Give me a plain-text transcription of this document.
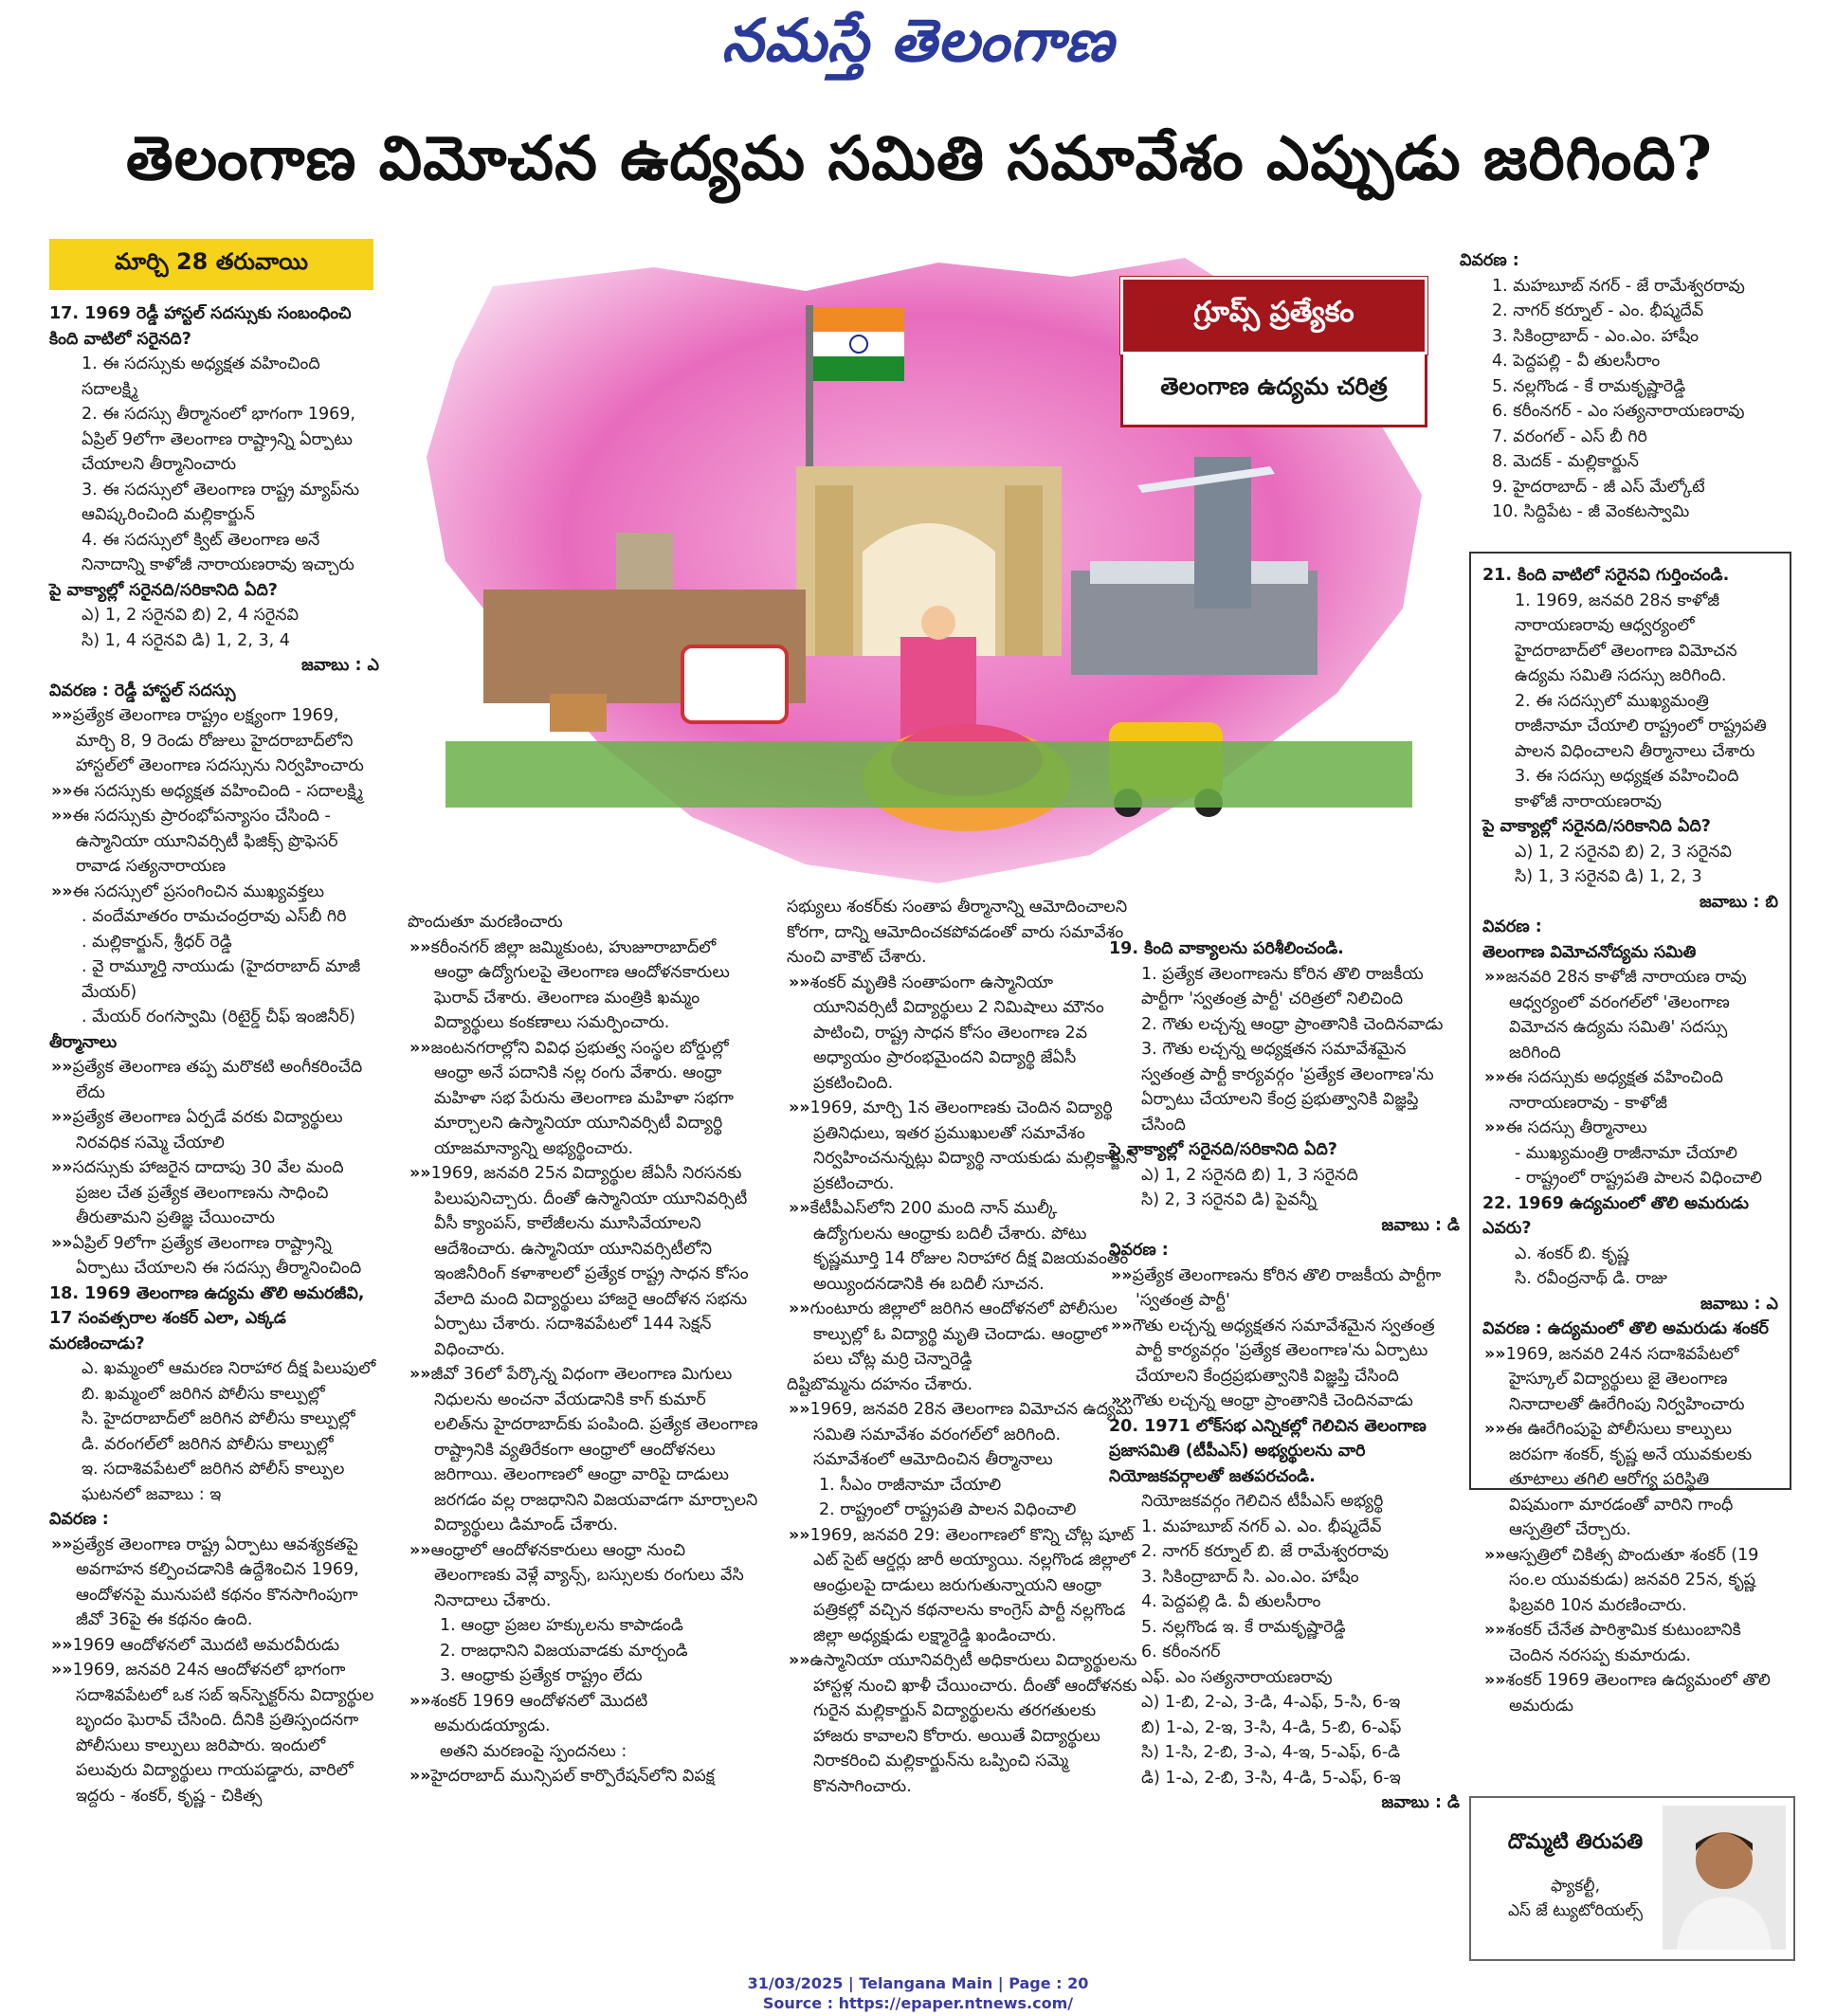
నమస్తే తెలంగాణ
తెలంగాణ విమోచన ఉద్యమ సమితి సమావేశం ఎప్పుడు జరిగింది?
మార్చి 28 తరువాయి
గ్రూప్స్ ప్రత్యేకం
తెలంగాణ ఉద్యమ చరిత్ర

17. 1969 రెడ్డీ హాస్టల్ సదస్సుకు సంబంధించి కింది వాటిలో సరైనది?

1. ఈ సదస్సుకు అధ్యక్షత వహించింది సదాలక్ష్మి

2. ఈ సదస్సు తీర్మానంలో భాగంగా 1969, ఏప్రిల్ 9లోగా తెలంగాణ రాష్ట్రాన్ని ఏర్పాటు చేయాలని తీర్మానించారు

3. ఈ సదస్సులో తెలంగాణ రాష్ట్ర మ్యాప్‌ను ఆవిష్కరించింది మల్లికార్జున్

4. ఈ సదస్సులో క్విట్ తెలంగాణ అనే నినాదాన్ని కాళోజీ నారాయణరావు ఇచ్చారు

పై వాక్యాల్లో సరైనది/సరికానిది ఏది?

ఎ) 1, 2 సరైనవి బి) 2, 4 సరైనవి

సి) 1, 4 సరైనవి డి) 1, 2, 3, 4

జవాబు : ఎ

వివరణ : రెడ్డీ హాస్టల్ సదస్సు

»» ప్రత్యేక తెలంగాణ రాష్ట్రం లక్ష్యంగా 1969, మార్చి 8, 9 రెండు రోజులు హైదరాబాద్‌లోని హాస్టల్‌లో తెలంగాణ సదస్సును నిర్వహించారు

»» ఈ సదస్సుకు అధ్యక్షత వహించింది - సదాలక్ష్మి

»» ఈ సదస్సుకు ప్రారంభోపన్యాసం చేసింది - ఉస్మానియా యూనివర్సిటీ ఫిజిక్స్ ప్రొఫెసర్ రావాడ సత్యనారాయణ

»» ఈ సదస్సులో ప్రసంగించిన ముఖ్యవక్తలు

. వందేమాతరం రామచంద్రరావు ఎస్‌బీ గిరి

. మల్లికార్జున్, శ్రీధర్ రెడ్డి

. వై రామ్మూర్తి నాయుడు (హైదరాబాద్ మాజీ మేయర్)

. మేయర్ రంగస్వామి (రిటైర్డ్ చీఫ్ ఇంజినీర్)

తీర్మానాలు

»» ప్రత్యేక తెలంగాణ తప్ప మరొకటి అంగీకరించేది లేదు

»» ప్రత్యేక తెలంగాణ ఏర్పడే వరకు విద్యార్థులు నిరవధిక సమ్మె చేయాలి

»» సదస్సుకు హాజరైన దాదాపు 30 వేల మంది ప్రజల చేత ప్రత్యేక తెలంగాణను సాధించి తీరుతామని ప్రతిజ్ఞ చేయించారు

»» ఏప్రిల్ 9లోగా ప్రత్యేక తెలంగాణ రాష్ట్రాన్ని ఏర్పాటు చేయాలని ఈ సదస్సు తీర్మానించింది

18. 1969 తెలంగాణ ఉద్యమ తొలి అమరజీవి, 17 సంవత్సరాల శంకర్ ఎలా, ఎక్కడ మరణించాడు?

ఎ. ఖమ్మంలో ఆమరణ నిరాహార దీక్ష పిలుపులో

బి. ఖమ్మంలో జరిగిన పోలీసు కాల్పుల్లో

సి. హైదరాబాద్‌లో జరిగిన పోలీసు కాల్పుల్లో

డి. వరంగల్‌లో జరిగిన పోలీసు కాల్పుల్లో

ఇ. సదాశివపేటలో జరిగిన పోలీస్ కాల్పుల ఘటనలో జవాబు : ఇ

వివరణ :

»» ప్రత్యేక తెలంగాణ రాష్ట్ర ఏర్పాటు ఆవశ్యకతపై అవగాహన కల్పించడానికి ఉద్దేశించిన 1969, ఆందోళనపై మునుపటి కథనం కొనసాగింపుగా జీవో 36పై ఈ కథనం ఉంది.

»» 1969 ఆందోళనలో మొదటి అమరవీరుడు

»» 1969, జనవరి 24న ఆందోళనలో భాగంగా సదాశివపేటలో ఒక సబ్ ఇన్‌స్పెక్టర్‌ను విద్యార్థుల బృందం ఘెరావ్ చేసింది. దీనికి ప్రతిస్పందనగా పోలీసులు కాల్పులు జరిపారు. ఇందులో పలువురు విద్యార్థులు గాయపడ్డారు, వారిలో ఇద్దరు - శంకర్, కృష్ణ - చికిత్స

పొందుతూ మరణించారు

»» కరీంనగర్ జిల్లా జమ్మికుంట, హుజూరాబాద్‌లో ఆంధ్రా ఉద్యోగులపై తెలంగాణ ఆందోళనకారులు ఘెరావ్ చేశారు. తెలంగాణ మంత్రికి ఖమ్మం విద్యార్థులు కంకణాలు సమర్పించారు.

»» జంటనగరాల్లోని వివిధ ప్రభుత్వ సంస్థల బోర్డుల్లో ఆంధ్రా అనే పదానికి నల్ల రంగు వేశారు. ఆంధ్రా మహిళా సభ పేరును తెలంగాణ మహిళా సభగా మార్చాలని ఉస్మానియా యూనివర్సిటీ విద్యార్థి యాజమాన్యాన్ని అభ్యర్థించారు.

»» 1969, జనవరి 25న విద్యార్థుల జేఏసీ నిరసనకు పిలుపునిచ్చారు. దీంతో ఉస్మానియా యూనివర్సిటీ వీసీ క్యాంపస్, కాలేజీలను మూసివేయాలని ఆదేశించారు. ఉస్మానియా యూనివర్సిటీలోని ఇంజినీరింగ్ కళాశాలలో ప్రత్యేక రాష్ట్ర సాధన కోసం వేలాది మంది విద్యార్థులు హాజరై ఆందోళన సభను ఏర్పాటు చేశారు. సదాశివపేటలో 144 సెక్షన్ విధించారు.

»» జీవో 36లో పేర్కొన్న విధంగా తెలంగాణ మిగులు నిధులను అంచనా వేయడానికి కాగ్ కుమార్ లలిత్‌ను హైదరాబాద్‌కు పంపింది. ప్రత్యేక తెలంగాణ రాష్ట్రానికి వ్యతిరేకంగా ఆంధ్రాలో ఆందోళనలు జరిగాయి. తెలంగాణలో ఆంధ్రా వారిపై దాడులు జరగడం వల్ల రాజధానిని విజయవాడగా మార్చాలని విద్యార్థులు డిమాండ్ చేశారు.

»» ఆంధ్రాలో ఆందోళనకారులు ఆంధ్రా నుంచి తెలంగాణకు వెళ్లే వ్యాన్స్, బస్సులకు రంగులు వేసి నినాదాలు చేశారు.

1. ఆంధ్రా ప్రజల హక్కులను కాపాడండి

2. రాజధానిని విజయవాడకు మార్చండి

3. ఆంధ్రాకు ప్రత్యేక రాష్ట్రం లేదు

»» శంకర్ 1969 ఆందోళనలో మొదటి అమరుడయ్యాడు.

అతని మరణంపై స్పందనలు :

»» హైదరాబాద్ మున్సిపల్ కార్పొరేషన్‌లోని విపక్ష

సభ్యులు శంకర్‌కు సంతాప తీర్మానాన్ని ఆమోదించాలని కోరగా, దాన్ని ఆమోదించకపోవడంతో వారు సమావేశం నుంచి వాకౌట్ చేశారు.

»» శంకర్ మృతికి సంతాపంగా ఉస్మానియా యూనివర్సిటీ విద్యార్థులు 2 నిమిషాలు మౌనం పాటించి, రాష్ట్ర సాధన కోసం తెలంగాణ 2వ అధ్యాయం ప్రారంభమైందని విద్యార్థి జేఏసీ ప్రకటించింది.

»» 1969, మార్చి 1న తెలంగాణకు చెందిన విద్యార్థి ప్రతినిధులు, ఇతర ప్రముఖులతో సమావేశం నిర్వహించనున్నట్లు విద్యార్థి నాయకుడు మల్లికార్జున్ ప్రకటించారు.

»» కేటీపీఎస్‌లోని 200 మంది నాన్ ముల్కీ ఉద్యోగులను ఆంధ్రాకు బదిలీ చేశారు. పోటు కృష్ణమూర్తి 14 రోజుల నిరాహార దీక్ష విజయవంతం అయ్యిందనడానికి ఈ బదిలీ సూచన.

»» గుంటూరు జిల్లాలో జరిగిన ఆందోళనలో పోలీసుల కాల్పుల్లో ఓ విద్యార్థి మృతి చెందాడు. ఆంధ్రాలో పలు చోట్ల మర్రి చెన్నారెడ్డి

దిష్టిబొమ్మను దహనం చేశారు.

»» 1969, జనవరి 28న తెలంగాణ విమోచన ఉద్యమ సమితి సమావేశం వరంగల్‌లో జరిగింది. సమావేశంలో ఆమోదించిన తీర్మానాలు

1. సీఎం రాజీనామా చేయాలి

2. రాష్ట్రంలో రాష్ట్రపతి పాలన విధించాలి

»» 1969, జనవరి 29: తెలంగాణలో కొన్ని చోట్ల షూట్ ఎట్ సైట్ ఆర్డర్లు జారీ అయ్యాయి. నల్లగొండ జిల్లాలో ఆంధ్రులపై దాడులు జరుగుతున్నాయని ఆంధ్రా పత్రికల్లో వచ్చిన కథనాలను కాంగ్రెస్ పార్టీ నల్లగొండ జిల్లా అధ్యక్షుడు లక్ష్మారెడ్డి ఖండించారు.

»» ఉస్మానియా యూనివర్సిటీ అధికారులు విద్యార్థులను హాస్టళ్ల నుంచి ఖాళీ చేయించారు. దీంతో ఆందోళనకు గురైన మల్లికార్జున్ విద్యార్థులను తరగతులకు హాజరు కావాలని కోరారు. అయితే విద్యార్థులు నిరాకరించి మల్లికార్జున్‌ను ఒప్పించి సమ్మె కొనసాగించారు.

19. కింది వాక్యాలను పరిశీలించండి.

1. ప్రత్యేక తెలంగాణను కోరిన తొలి రాజకీయ పార్టీగా 'స్వతంత్ర పార్టీ' చరిత్రలో నిలిచింది

2. గౌతు లచ్చన్న ఆంధ్రా ప్రాంతానికి చెందినవాడు

3. గౌతు లచ్చన్న అధ్యక్షతన సమావేశమైన స్వతంత్ర పార్టీ కార్యవర్గం 'ప్రత్యేక తెలంగాణ'ను ఏర్పాటు చేయాలని కేంద్ర ప్రభుత్వానికి విజ్ఞప్తి చేసింది

పై వాక్యాల్లో సరైనది/సరికానిది ఏది?

ఎ) 1, 2 సరైనది బి) 1, 3 సరైనది

సి) 2, 3 సరైనవి డి) పైవన్నీ

జవాబు : డి

వివరణ :

»» ప్రత్యేక తెలంగాణను కోరిన తొలి రాజకీయ పార్టీగా 'స్వతంత్ర పార్టీ'

»» గౌతు లచ్చన్న అధ్యక్షతన సమావేశమైన స్వతంత్ర పార్టీ కార్యవర్గం 'ప్రత్యేక తెలంగాణ'ను ఏర్పాటు చేయాలని కేంద్రప్రభుత్వానికి విజ్ఞప్తి చేసింది

»» గౌతు లచ్చన్న ఆంధ్రా ప్రాంతానికి చెందినవాడు

20. 1971 లోక్‌సభ ఎన్నికల్లో గెలిచిన తెలంగాణ ప్రజాసమితి (టీపీఎస్) అభ్యర్థులను వారి నియోజకవర్గాలతో జతపరచండి.

నియోజకవర్గం గెలిచిన టీపీఎస్ అభ్యర్థి

1. మహబూబ్ నగర్ ఎ. ఎం. భీష్మదేవ్

2. నాగర్ కర్నూల్ బి. జే రామేశ్వరరావు

3. సికింద్రాబాద్ సి. ఎం.ఎం. హాషీం

4. పెద్దపల్లి డి. వీ తులసీరాం

5. నల్లగొండ ఇ. కే రామకృష్ణారెడ్డి

6. కరీంనగర్

ఎఫ్. ఎం సత్యనారాయణరావు

ఎ) 1-బి, 2-ఎ, 3-డి, 4-ఎఫ్, 5-సి, 6-ఇ

బి) 1-ఎ, 2-ఇ, 3-సి, 4-డి, 5-బి, 6-ఎఫ్

సి) 1-సి, 2-బి, 3-ఎ, 4-ఇ, 5-ఎఫ్, 6-డి

డి) 1-ఎ, 2-బి, 3-సి, 4-డి, 5-ఎఫ్, 6-ఇ

జవాబు : డి

వివరణ :

1. మహబూబ్ నగర్ - జే రామేశ్వరరావు

2. నాగర్ కర్నూల్ - ఎం. భీష్మదేవ్

3. సికింద్రాబాద్ - ఎం.ఎం. హాషీం

4. పెద్దపల్లి - వీ తులసీరాం

5. నల్లగొండ - కే రామకృష్ణారెడ్డి

6. కరీంనగర్ - ఎం సత్యనారాయణరావు

7. వరంగల్ - ఎస్ బీ గిరి

8. మెదక్ - మల్లికార్జున్

9. హైదరాబాద్ - జీ ఎస్ మేల్కోటే

10. సిద్దిపేట - జీ వెంకటస్వామి

21. కింది వాటిలో సరైనవి గుర్తించండి.

1. 1969, జనవరి 28న కాళోజీ నారాయణరావు ఆధ్వర్యంలో హైదరాబాద్‌లో తెలంగాణ విమోచన ఉద్యమ సమితి సదస్సు జరిగింది.

2. ఈ సదస్సులో ముఖ్యమంత్రి రాజీనామా చేయాలి రాష్ట్రంలో రాష్ట్రపతి పాలన విధించాలని తీర్మానాలు చేశారు

3. ఈ సదస్సు అధ్యక్షత వహించింది కాళోజీ నారాయణరావు

పై వాక్యాల్లో సరైనది/సరికానిది ఏది?

ఎ) 1, 2 సరైనవి బి) 2, 3 సరైనవి

సి) 1, 3 సరైనవి డి) 1, 2, 3

జవాబు : బి

వివరణ :

తెలంగాణ విమోచనోద్యమ సమితి

»» జనవరి 28న కాళోజీ నారాయణ రావు ఆధ్వర్యంలో వరంగల్‌లో 'తెలంగాణ విమోచన ఉద్యమ సమితి' సదస్సు జరిగింది

»» ఈ సదస్సుకు అధ్యక్షత వహించింది నారాయణరావు - కాళోజీ

»» ఈ సదస్సు తీర్మానాలు

- ముఖ్యమంత్రి రాజీనామా చేయాలి

- రాష్ట్రంలో రాష్ట్రపతి పాలన విధించాలి

22. 1969 ఉద్యమంలో తొలి అమరుడు ఎవరు?

ఎ. శంకర్ బి. కృష్ణ

సి. రవీంద్రనాథ్ డి. రాజు

జవాబు : ఎ

వివరణ : ఉద్యమంలో తొలి అమరుడు శంకర్

»» 1969, జనవరి 24న సదాశివపేటలో హైస్కూల్ విద్యార్థులు జై తెలంగాణ నినాదాలతో ఊరేగింపు నిర్వహించారు

»» ఈ ఊరేగింపుపై పోలీసులు కాల్పులు జరపగా శంకర్, కృష్ణ అనే యువకులకు తూటాలు తగిలి ఆరోగ్య పరిస్థితి విషమంగా మారడంతో వారిని గాంధీ ఆస్పత్రిలో చేర్చారు.

»» ఆస్పత్రిలో చికిత్స పొందుతూ శంకర్ (19 సం.ల యువకుడు) జనవరి 25న, కృష్ణ ఫిబ్రవరి 10న మరణించారు.

»» శంకర్ చేనేత పారిశ్రామిక కుటుంబానికి చెందిన నరసప్ప కుమారుడు.

»» శంకర్ 1969 తెలంగాణ ఉద్యమంలో తొలి అమరుడు

దొమ్మటి తిరుపతి
ఫ్యాకల్టీ,
ఎస్ జే ట్యుటోరియల్స్
31/03/2025 | Telangana Main | Page : 20
Source : https://epaper.ntnews.com/
